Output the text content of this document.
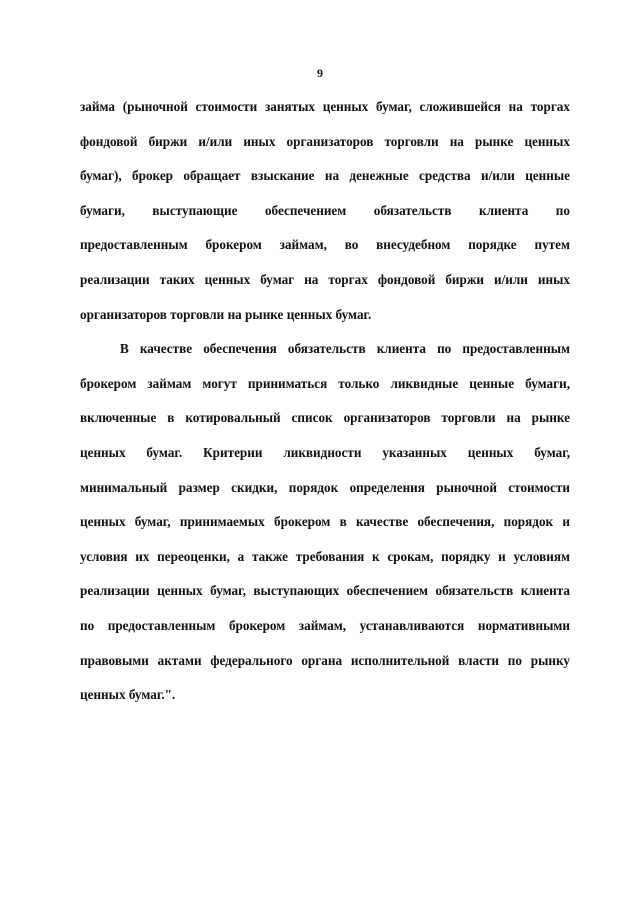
9

займа (рыночной стоимости занятых ценных бумаг, сложившейся на торгах
фондовой биржи и/или иных организаторов торговли на рынке ценных
бумаг), брокер обращает взыскание на денежные средства и/или ценные
бумаги, выступающие обеспечением обязательств клиента по
предоставленным брокером займам, во внесудебном порядке путем
реализации таких ценных бумаг на торгах фондовой биржи и/или иных
организаторов торговли на рынке ценных бумаг.

В качестве обеспечения обязательств клиента по предоставленным
брокером займам могут приниматься только ликвидные ценные бумаги,
включенные в котировальный список организаторов торговли на рынке
ценных бумаг. Критерии ликвидности указанных ценных бумаг,
минимальный размер скидки, порядок определения рыночной стоимости
ценных бумаг, принимаемых брокером в качестве обеспечения, порядок и
условия их переоценки, а также требования к срокам, порядку и условиям
реализации ценных бумаг, выступающих обеспечением обязательств клиента
по предоставленным брокером займам, устанавливаются нормативными
правовыми актами федерального органа исполнительной власти по рынку
ценных бумаг.".
